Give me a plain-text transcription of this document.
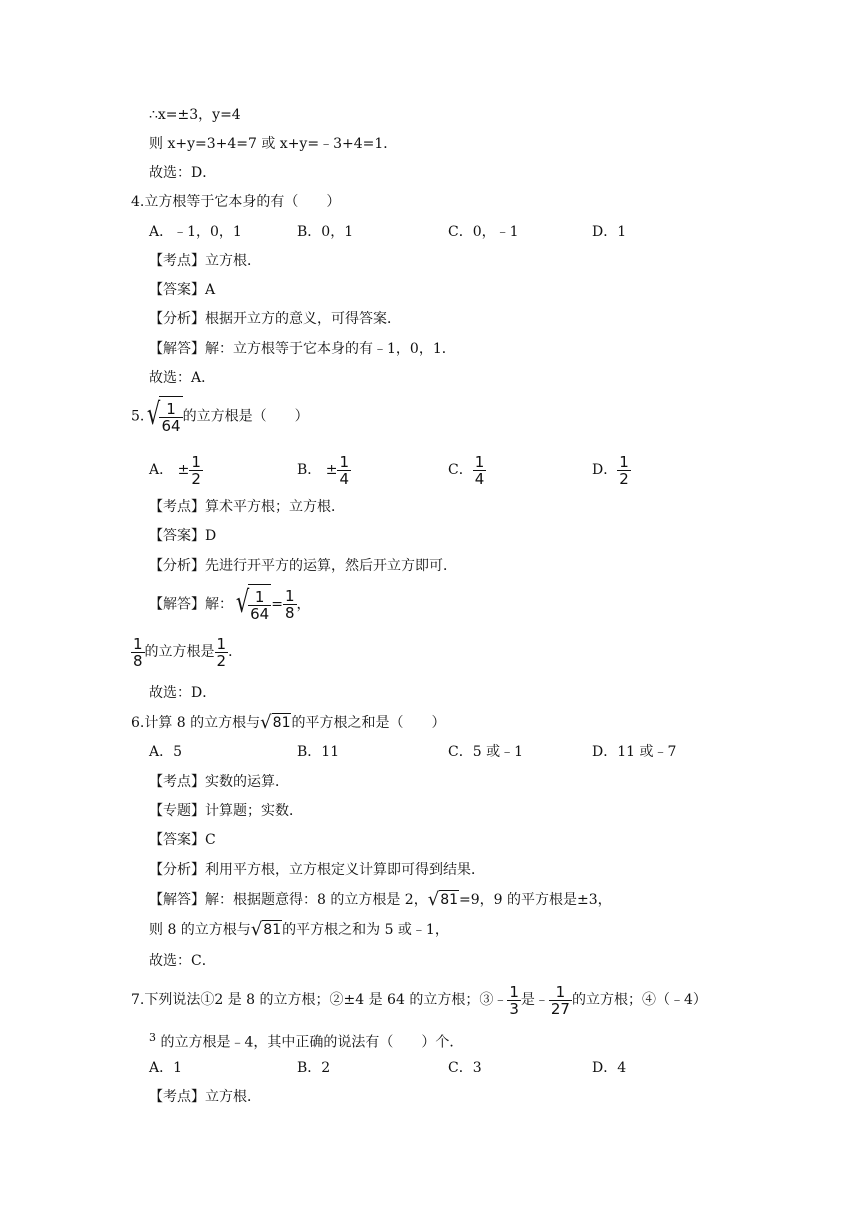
∴x=±3，y=4
则 x+y=3+4=7 或 x+y=﹣3+4=1．
故选：D．
4.立方根等于它本身的有（　　）
A．﹣1，0，1	B．0，1	C．0，﹣1	D．1
【考点】立方根．
【答案】A
【分析】根据开立方的意义，可得答案．
【解答】解：立方根等于它本身的有﹣1，0，1．
故选：A．
5. √
$\frac{1}{64}$ 的立方根是（　　）
A． ± $\frac{1}{2}$	B． ± $\frac{1}{4}$	C． $\frac{1}{4}$	D． $\frac{1}{2}$
【考点】算术平方根；立方根．
【答案】D
【分析】先进行开平方的运算，然后开立方即可．
【解答】解： √
$\frac{1}{64} = \frac{1}{8}$ ，
$\frac{1}{8}$ 的立方根是 $\frac{1}{2}$ ．
故选：D．
6.计算 8 的立方根与 √ 81 的平方根之和是（　　）
A．5	B．11	C．5 或﹣1	D．11 或﹣7
【考点】实数的运算．
【专题】计算题；实数．
【答案】C
【分析】利用平方根，立方根定义计算即可得到结果．
【解答】解：根据题意得：8 的立方根是 2， √ 81 =9，9 的平方根是±3，
则 8 的立方根与 √ 81 的平方根之和为 5 或﹣1，
故选：C．
7.下列说法①2 是 8 的立方根；②±4 是 64 的立方根；③﹣ $\frac{1}{3}$ 是﹣ $\frac{1}{27}$ 的立方根；④（﹣4）
$^3$ 的立方根是﹣4，其中正确的说法有（　　）个．
A．1	B．2	C．3	D．4
【考点】立方根．
